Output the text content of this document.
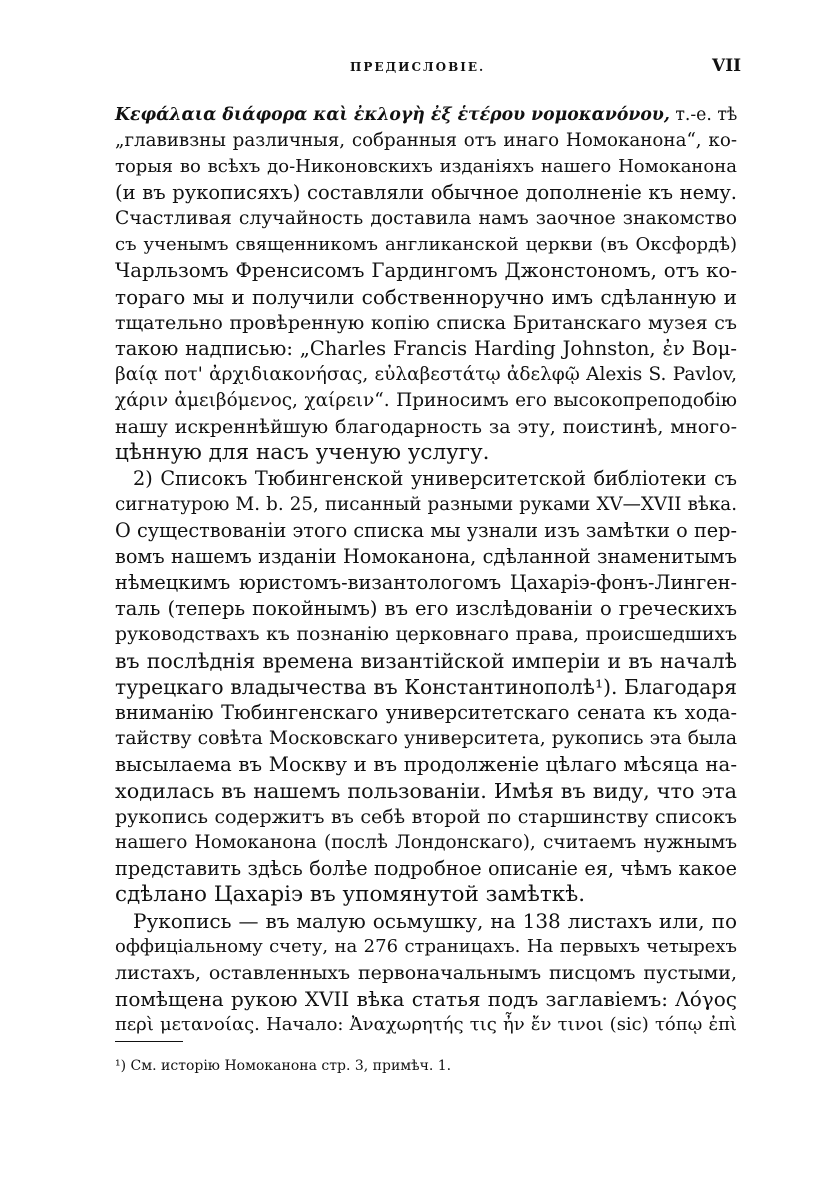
ПРЕДИСЛОВІЕ.	VII
Κεφάλαια διάφορα καὶ ἐκλογὴ ἐξ ἑτέρου νομοκανόνου, т.-е. тѣ
„главивзны различныя, собранныя отъ инаго Номоканона“, ко-
торыя во всѣхъ до-Никоновскихъ изданіяхъ нашего Номоканона
(и въ рукописяхъ) составляли обычное дополненіе къ нему.
Счастливая случайность доставила намъ заочное знакомство
съ ученымъ священникомъ англиканской церкви (въ Оксфордѣ)
Чарльзомъ Френсисомъ Гардингомъ Джонстономъ, отъ ко-
тораго мы и получили собственноручно имъ сдѣланную и
тщательно провѣренную копію списка Британскаго музея съ
такою надписью: „Charles Francis Harding Johnston, ἐν Βομ-
βαίᾳ ποτ' ἀρχιδιακονήσας, εὐλαβεστάτῳ ἀδελφῷ Alexis S. Pavlov,
χάριν ἀμειβόμενος, χαίρειν“. Приносимъ его высокопреподобію
нашу искреннѣйшую благодарность за эту, поистинѣ, много-
цѣнную для насъ ученую услугу.
2) Списокъ Тюбингенской университетской библіотеки съ
сигнатурою M. b. 25, писанный разными руками XV—XVII вѣка.
О существованіи этого списка мы узнали изъ замѣтки о пер-
вомъ нашемъ изданіи Номоканона, сдѣланной знаменитымъ
нѣмецкимъ юристомъ-византологомъ Цахаріэ-фонъ-Линген-
таль (теперь покойнымъ) въ его изслѣдованіи о греческихъ
руководствахъ къ познанію церковнаго права, происшедшихъ
въ послѣднія времена византійской имперіи и въ началѣ
турецкаго владычества въ Константинополѣ¹). Благодаря
вниманію Тюбингенскаго университетскаго сената къ хода-
тайству совѣта Московскаго университета, рукопись эта была
высылаема въ Москву и въ продолженіе цѣлаго мѣсяца на-
ходилась въ нашемъ пользованіи. Имѣя въ виду, что эта
рукопись содержитъ въ себѣ второй по старшинству списокъ
нашего Номоканона (послѣ Лондонскаго), считаемъ нужнымъ
представить здѣсь болѣе подробное описаніе ея, чѣмъ какое
сдѣлано Цахаріэ въ упомянутой замѣткѣ.
Рукопись — въ малую осьмушку, на 138 листахъ или, по
оффиціальному счету, на 276 страницахъ. На первыхъ четырехъ
листахъ, оставленныхъ первоначальнымъ писцомъ пустыми,
помѣщена рукою XVII вѣка статья подъ заглавіемъ: Λόγος
περὶ μετανοίας. Начало: Ἀναχωρητής τις ἦν ἔν τινοι (sic) τόπῳ ἐπὶ
¹) См. исторію Номоканона стр. 3, примѣч. 1.
